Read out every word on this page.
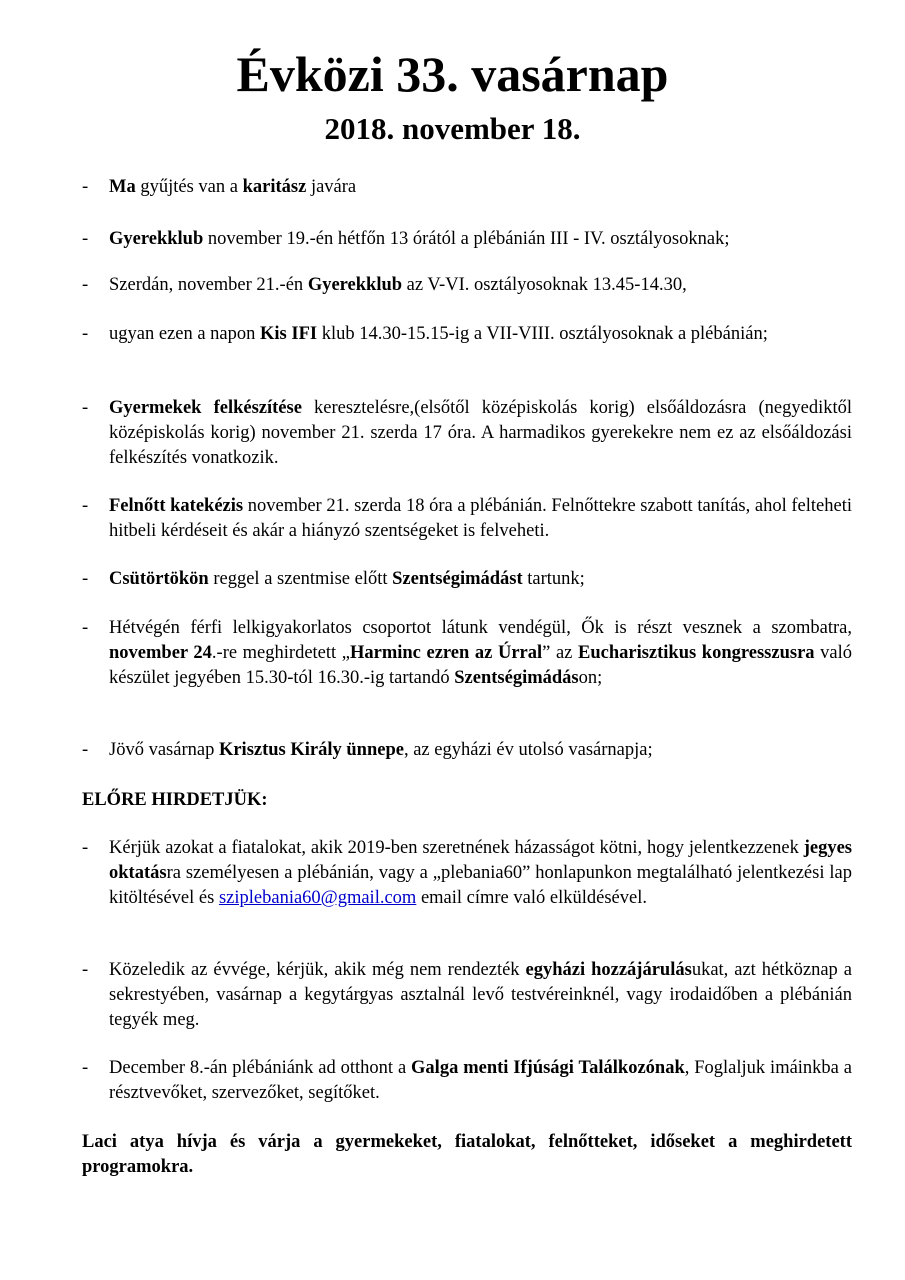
Évközi 33. vasárnap
2018. november 18.
- Ma gyűjtés van a karitász javára
- Gyerekklub november 19.-én hétfőn 13 órától a plébánián III - IV. osztályosoknak;
- Szerdán, november 21.-én Gyerekklub az V-VI. osztályosoknak 13.45-14.30,
- ugyan ezen a napon Kis IFI klub 14.30-15.15-ig a VII-VIII. osztályosoknak a plébánián;
- Gyermekek felkészítése keresztelésre,(elsőtől középiskolás korig) elsőáldozásra (negyediktől középiskolás korig) november 21. szerda 17 óra. A harmadikos gyerekekre nem ez az elsőáldozási felkészítés vonatkozik.
- Felnőtt katekézis november 21. szerda 18 óra a plébánián. Felnőttekre szabott tanítás, ahol felteheti hitbeli kérdéseit és akár a hiányzó szentségeket is felveheti.
- Csütörtökön reggel a szentmise előtt Szentségimádást tartunk;
- Hétvégén férfi lelkigyakorlatos csoportot látunk vendégül, Ők is részt vesznek a szombatra, november 24.-re meghirdetett „Harminc ezren az Úrral” az Eucharisztikus kongresszusra való készület jegyében 15.30-tól 16.30.-ig tartandó Szentségimádáson;
- Jövő vasárnap Krisztus Király ünnepe, az egyházi év utolsó vasárnapja;
ELŐRE HIRDETJÜK:
- Kérjük azokat a fiatalokat, akik 2019-ben szeretnének házasságot kötni, hogy jelentkezzenek jegyes oktatásra személyesen a plébánián, vagy a „plebania60” honlapunkon megtalálható jelentkezési lap kitöltésével és sziplebania60@gmail.com email címre való elküldésével.
- Közeledik az évvége, kérjük, akik még nem rendezték egyházi hozzájárulásukat, azt hétköznap a sekrestyében, vasárnap a kegytárgyas asztalnál levő testvéreinknél, vagy irodaidőben a plébánián tegyék meg.
- December 8.-án plébániánk ad otthont a Galga menti Ifjúsági Találkozónak, Foglaljuk imáinkba a résztvevőket, szervezőket, segítőket.
Laci atya hívja és várja a gyermekeket, fiatalokat, felnőtteket, időseket a meghirdetett programokra.
